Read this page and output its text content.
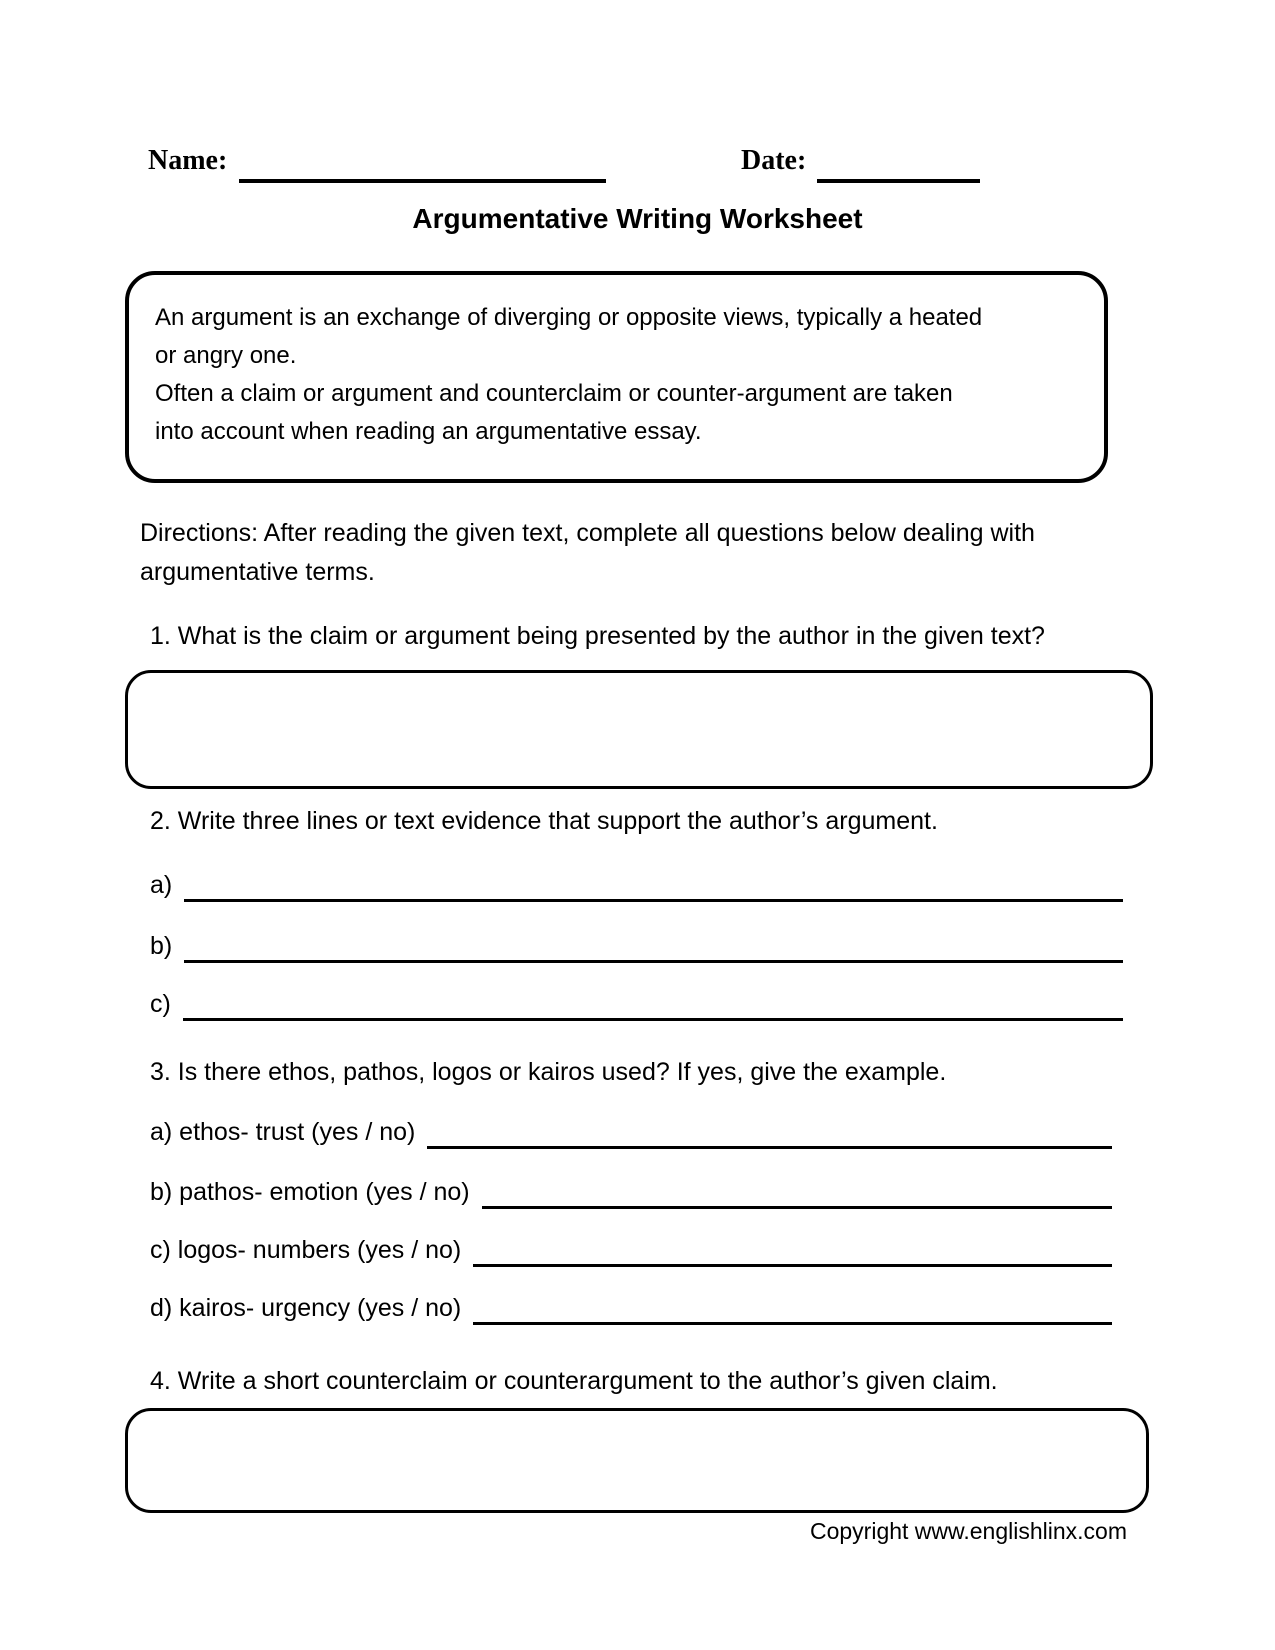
Name:	Date:
Argumentative Writing Worksheet
An argument is an exchange of diverging or opposite views, typically a heated
or angry one.
Often a claim or argument and counterclaim or counter-argument are taken
into account when reading an argumentative essay.
Directions: After reading the given text, complete all questions below dealing with
argumentative terms.
1. What is the claim or argument being presented by the author in the given text?
2. Write three lines or text evidence that support the author’s argument.
a)
b)
c)
3. Is there ethos, pathos, logos or kairos used? If yes, give the example.
a) ethos- trust (yes / no)
b) pathos- emotion (yes / no)
c) logos- numbers (yes / no)
d) kairos- urgency (yes / no)
4. Write a short counterclaim or counterargument to the author’s given claim.
Copyright www.englishlinx.com
